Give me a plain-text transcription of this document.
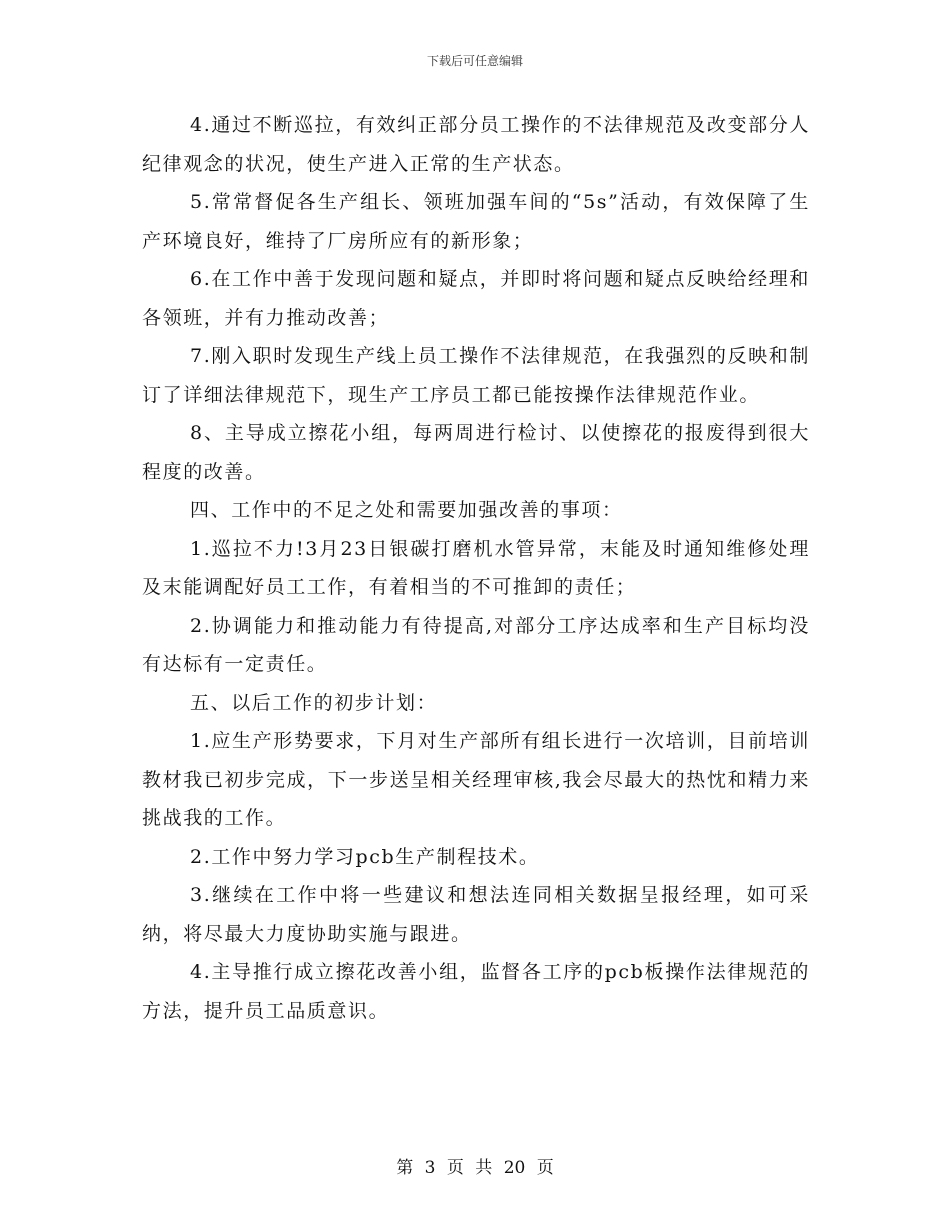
下载后可任意编辑

4.通过不断巡拉，有效纠正部分员工操作的不法律规范及改变部分人纪律观念的状况，使生产进入正常的生产状态。

5.常常督促各生产组长、领班加强车间的“5s”活动，有效保障了生产环境良好，维持了厂房所应有的新形象；

6.在工作中善于发现问题和疑点，并即时将问题和疑点反映给经理和各领班，并有力推动改善；

7.刚入职时发现生产线上员工操作不法律规范，在我强烈的反映和制订了详细法律规范下，现生产工序员工都已能按操作法律规范作业。

8、主导成立擦花小组，每两周进行检讨、以使擦花的报废得到很大程度的改善。

四、工作中的不足之处和需要加强改善的事项：

1.巡拉不力!3月23日银碳打磨机水管异常，末能及时通知维修处理及末能调配好员工工作，有着相当的不可推卸的责任；

2.协调能力和推动能力有待提高,对部分工序达成率和生产目标均没有达标有一定责任。

五、以后工作的初步计划：

1.应生产形势要求，下月对生产部所有组长进行一次培训，目前培训教材我已初步完成，下一步送呈相关经理审核,我会尽最大的热忱和精力来挑战我的工作。

2.工作中努力学习pcb生产制程技术。

3.继续在工作中将一些建议和想法连同相关数据呈报经理，如可采纳，将尽最大力度协助实施与跟进。

4.主导推行成立擦花改善小组，监督各工序的pcb板操作法律规范的方法，提升员工品质意识。

第 3 页 共 20 页
